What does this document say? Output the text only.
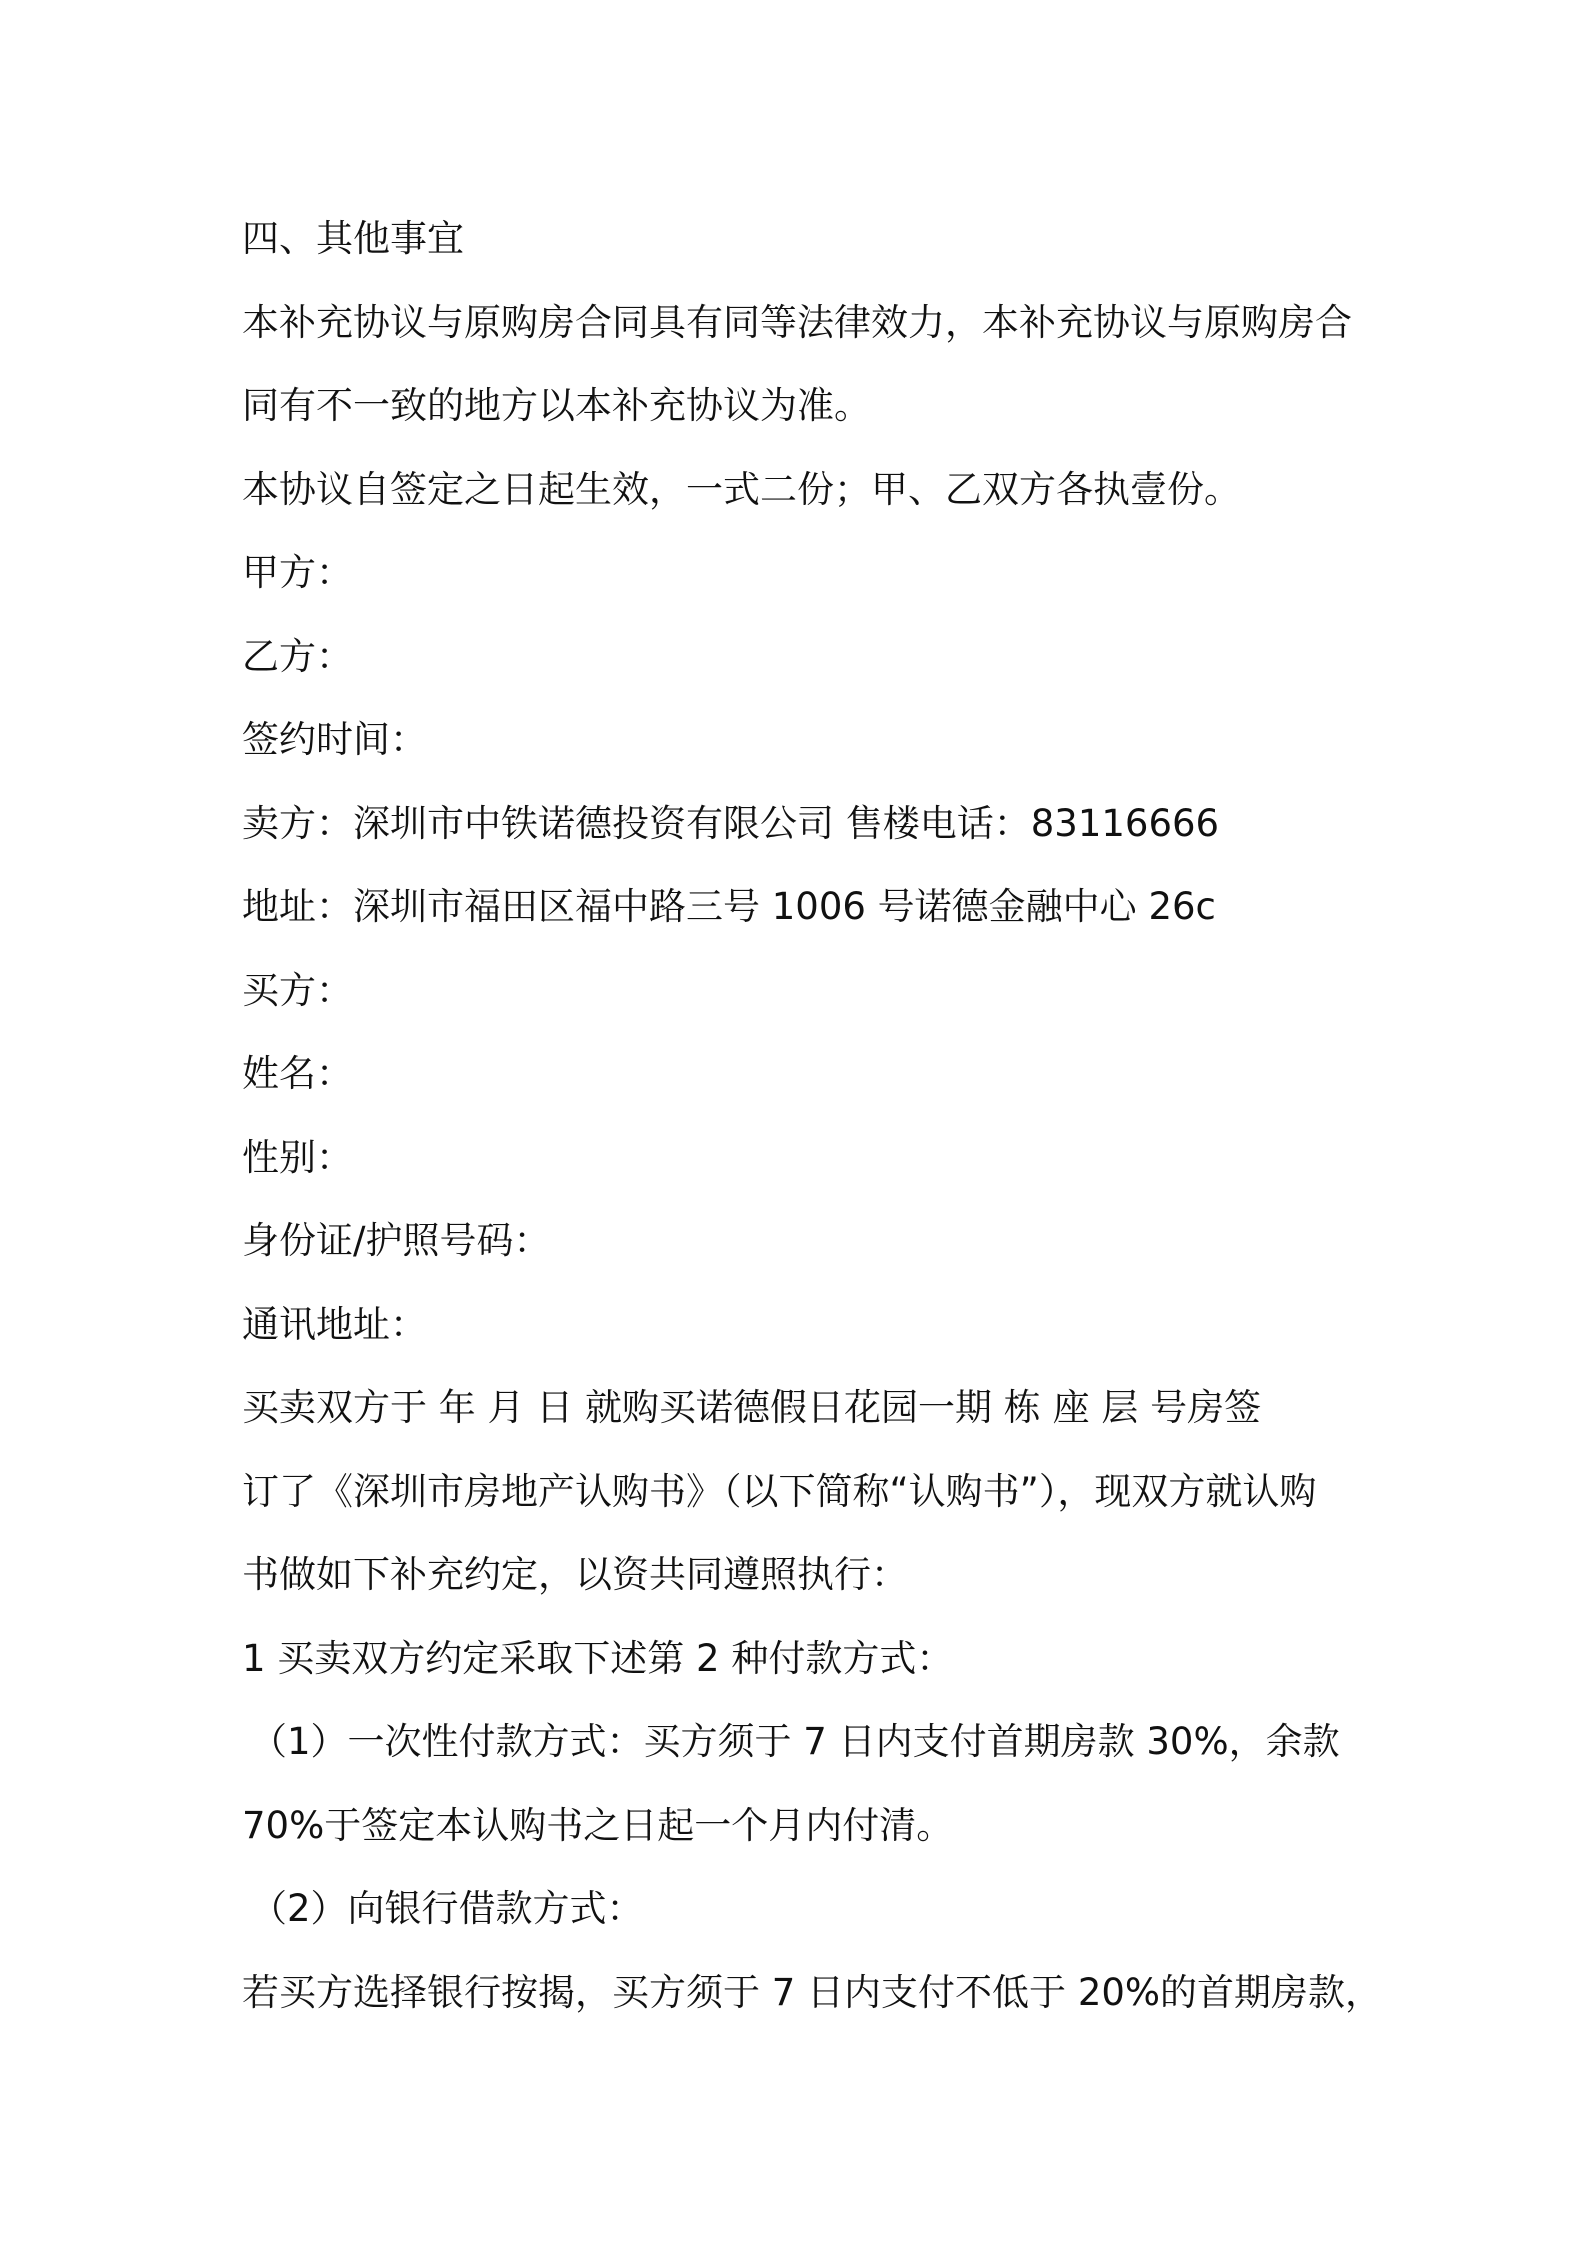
四、其他事宜
本补充协议与原购房合同具有同等法律效力，本补充协议与原购房合
同有不一致的地方以本补充协议为准。
本协议自签定之日起生效，一式二份；甲、乙双方各执壹份。
甲方：
乙方：
签约时间：
卖方：深圳市中铁诺德投资有限公司 售楼电话：83116666
地址：深圳市福田区福中路三号 1006 号诺德金融中心 26c
买方：
姓名：
性别：
身份证/护照号码：
通讯地址：
买卖双方于 年 月 日 就购买诺德假日花园一期 栋 座 层 号房签
订了《深圳市房地产认购书》（以下简称“认购书”），现双方就认购
书做如下补充约定，以资共同遵照执行：
1 买卖双方约定采取下述第 2 种付款方式：
（1）一次性付款方式：买方须于 7 日内支付首期房款 30%，余款
70%于签定本认购书之日起一个月内付清。
（2）向银行借款方式：
若买方选择银行按揭，买方须于 7 日内支付不低于 20%的首期房款，
